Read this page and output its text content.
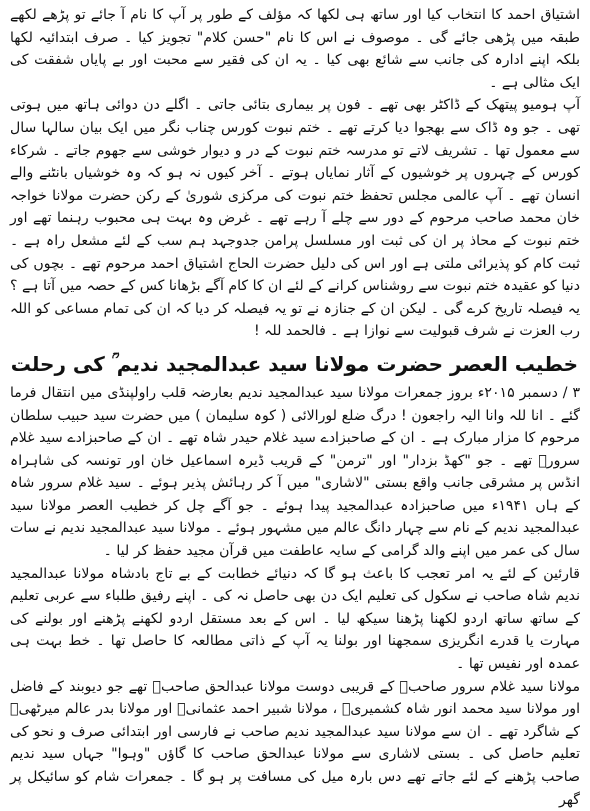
اشتیاق احمد کا انتخاب کیا اور ساتھ ہی لکھا کہ مؤلف کے طور پر آپ کا نام آ جائے تو پڑھے لکھے طبقہ میں پڑھی جائے گی ۔ موصوف نے اس کا نام "حسن کلام" تجویز کیا ۔ صرف ابتدائیہ لکھا بلکہ اپنے ادارہ کی جانب سے شائع بھی کیا ۔ یہ ان کی فقیر سے محبت اور بے پایاں شفقت کی ایک مثالی ہے ۔

آپ ہومیو پیتھک کے ڈاکٹر بھی تھے ۔ فون پر بیماری بتائی جاتی ۔ اگلے دن دوائی ہاتھ میں ہوتی تھی ۔ جو وہ ڈاک سے بھجوا دیا کرتے تھے ۔ ختم نبوت کورس چناب نگر میں ایک بیان سالہا سال سے معمول تھا ۔ تشریف لاتے تو مدرسہ ختم نبوت کے در و دیوار خوشی سے جھوم جاتے ۔ شرکاء کورس کے چہروں پر خوشیوں کے آثار نمایاں ہوتے ۔ آخر کیوں نہ ہو کہ وہ خوشیاں بانٹنے والے انسان تھے ۔ آپ عالمی مجلس تحفظ ختم نبوت کی مرکزی شوریٰ کے رکن حضرت مولانا خواجہ خان محمد صاحب مرحوم کے دور سے چلے آ رہے تھے ۔ غرض وہ بہت ہی محبوب رہنما تھے اور ختم نبوت کے محاذ پر ان کی ثبت اور مسلسل پرامن جدوجہد ہم سب کے لئے مشعل راہ ہے ۔ ثبت کام کو پذیرائی ملتی ہے اور اس کی دلیل حضرت الحاج اشتیاق احمد مرحوم تھے ۔ بچوں کی دنیا کو عقیدہ ختم نبوت سے روشناس کرانے کے لئے ان کا کام آگے بڑھانا کس کے حصہ میں آتا ہے ؟ یہ فیصلہ تاریخ کرے گی ۔ لیکن ان کے جنازہ نے تو یہ فیصلہ کر دیا کہ ان کی تمام مساعی کو اللہ رب العزت نے شرف قبولیت سے نوازا ہے ۔ فالحمد للہ !

خطیب العصر حضرت مولانا سید عبدالمجید ندیم ؒ کی رحلت

۳ / دسمبر ۲۰۱۵ء بروز جمعرات مولانا سید عبدالمجید ندیم بعارضہ قلب راولپنڈی میں انتقال فرما گئے ۔ انا للہ وانا الیہ راجعون ! درگ ضلع لورالائی ( کوہ سلیمان ) میں حضرت سید حبیب سلطان مرحوم کا مزار مبارک ہے ۔ ان کے صاحبزادے سید غلام حیدر شاہ تھے ۔ ان کے صاحبزادے سید غلام سرورؒ تھے ۔ جو "کھڈ بزدار" اور "ترمن" کے قریب ڈیرہ اسماعیل خان اور تونسہ کی شاہراہ انڈس پر مشرقی جانب واقع بستی "لاشاری" میں آ کر رہائش پذیر ہوئے ۔ سید غلام سرور شاہ کے ہاں ۱۹۴۱ء میں صاحبزادہ عبدالمجید پیدا ہوئے ۔ جو آگے چل کر خطیب العصر مولانا سید عبدالمجید ندیم کے نام سے چہار دانگ عالم میں مشہور ہوئے ۔ مولانا سید عبدالمجید ندیم نے سات سال کی عمر میں اپنے والد گرامی کے سایہ عاطفت میں قرآن مجید حفظ کر لیا ۔

قارئین کے لئے یہ امر تعجب کا باعث ہو گا کہ دنیائے خطابت کے بے تاج بادشاہ مولانا عبدالمجید ندیم شاہ صاحب نے سکول کی تعلیم ایک دن بھی حاصل نہ کی ۔ اپنے رفیق طلباء سے عربی تعلیم کے ساتھ ساتھ اردو لکھنا پڑھنا سیکھ لیا ۔ اس کے بعد مستقل اردو لکھنے پڑھنے اور بولنے کی مہارت یا قدرے انگریزی سمجھنا اور بولنا یہ آپ کے ذاتی مطالعہ کا حاصل تھا ۔ خط بہت ہی عمدہ اور نفیس تھا ۔

مولانا سید غلام سرور صاحبؒ کے قریبی دوست مولانا عبدالحق صاحبؒ تھے جو دیوبند کے فاضل اور مولانا سید محمد انور شاہ کشمیریؒ ، مولانا شبیر احمد عثمانیؒ اور مولانا بدر عالم میرٹھیؒ کے شاگرد تھے ۔ ان سے مولانا سید عبدالمجید ندیم صاحب نے فارسی اور ابتدائی صرف و نحو کی تعلیم حاصل کی ۔ بستی لاشاری سے مولانا عبدالحق صاحب کا گاؤں "وہوا" جہاں سید ندیم صاحب پڑھنے کے لئے جاتے تھے دس بارہ میل کی مسافت پر ہو گا ۔ جمعرات شام کو سائیکل پر گھر
